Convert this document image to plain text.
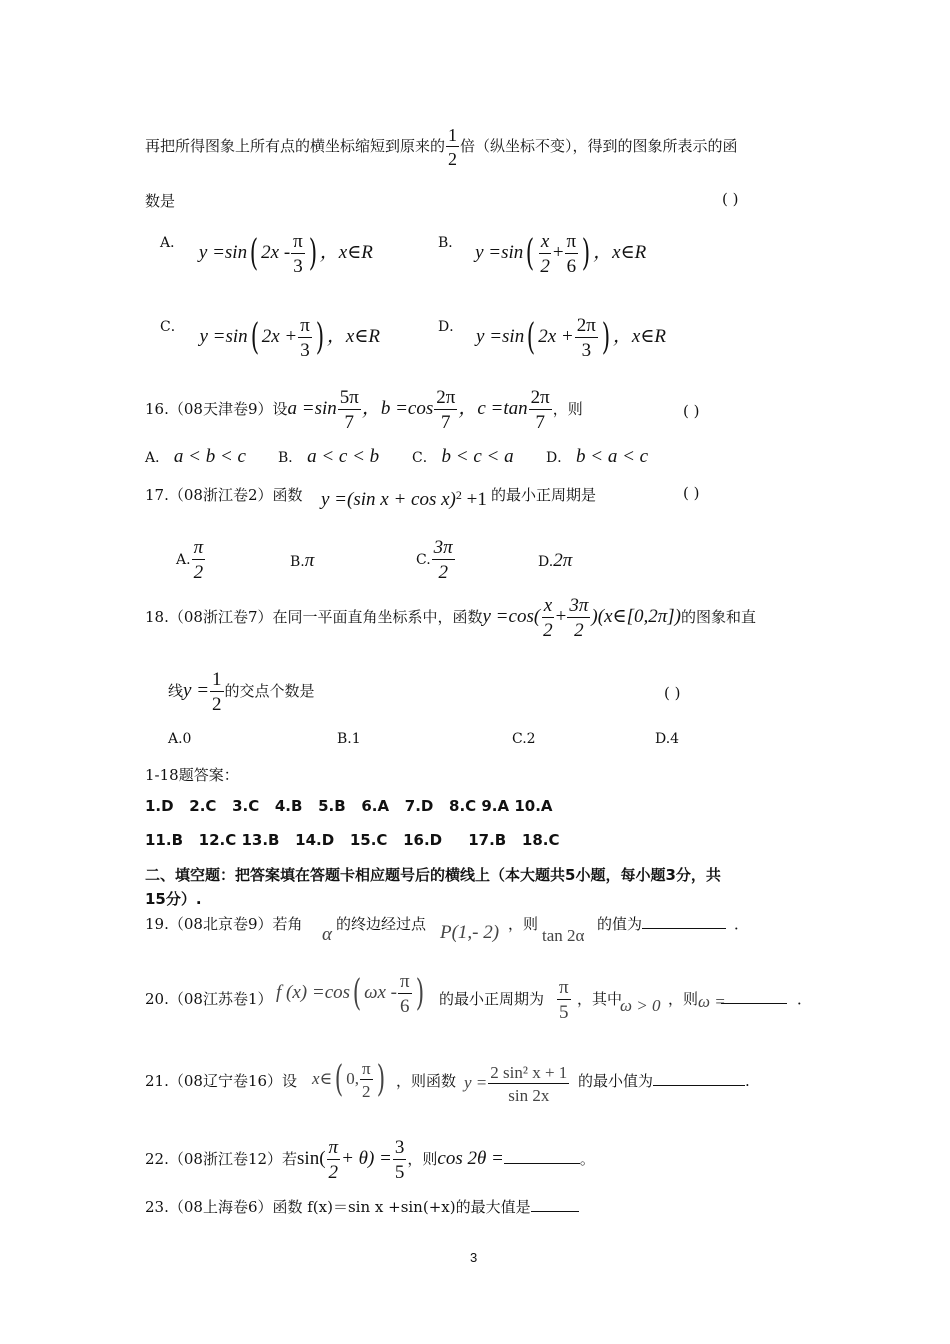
再把所得图象上所有点的横坐标缩短到原来的 $\frac{1}{2}$ 倍（纵坐标不变），得到的图象所表示的函
数是	( )
A． y =sin( $2x - \frac{\pi}{3}$ ) ，x∈R	B． $y =\sin( \frac{x}{2} + \frac{\pi}{6}$ ) ，x∈R
C． y =sin( $2x + \frac{\pi}{3}$ ) ，x∈R	D． y =sin( $2x + \frac{2\pi}{3}$ ) ，x∈R
16.（08天津卷9）设$a =\sin \frac{5\pi}{7}$ ，$b =\cos \frac{2\pi}{7}$ ，$c =\tan \frac{2\pi}{7}$ ，则	( )
A． a < b < c B． a < c < b C． b < c < a D． b < a < c
17.（08浙江卷2）函数 y =(sin x + cos x)$^2$ +1 的最小正周期是	( )
A. $\frac{\pi}{2}$	B.π	C. $\frac{3\pi}{2}$	D.2π
18.（08浙江卷7）在同一平面直角坐标系中，函数$y =\cos( \frac{x}{2} + \frac{3\pi}{2}$ )(x∈[0,2π])的图象和直
线$y = \frac{1}{2}$ 的交点个数是	( )
A.0	B.1	C.2	D.4
1-18题答案：
1.D   2.C   3.C   4.B   5.B   6.A   7.D   8.C 9.A 10.A
11.B   12.C 13.B   14.D   15.C   16.D     17.B   18.C
二、填空题：把答案填在答题卡相应题号后的横线上（本大题共5小题，每小题3分，共
15分）.
19.（08北京卷9）若角 α 的终边经过点 P(1,- 2) ，则
tan 2α
的值为	．
20.（08江苏卷1） f (x) =cos( ωx - $\frac{\pi}{6}$ ) 的最小正周期为 $\frac{\pi}{5}$ ，其中
ω > 0 ，则 ω =	．
21.（08辽宁卷16）设 x∈( 0, $\frac{\pi}{2}$ ) ，则函数 $y = \frac{\text{2 sin² x + 1}}{\sin 2x}$ 的最小值为	.
22.（08浙江卷12）若$\sin( \frac{\pi}{2} + \theta) = \frac{3}{5}$ ，则cos 2θ =	。
23.（08上海卷6）函数 f(x)＝sin x +sin(+x)的最大值是
3
